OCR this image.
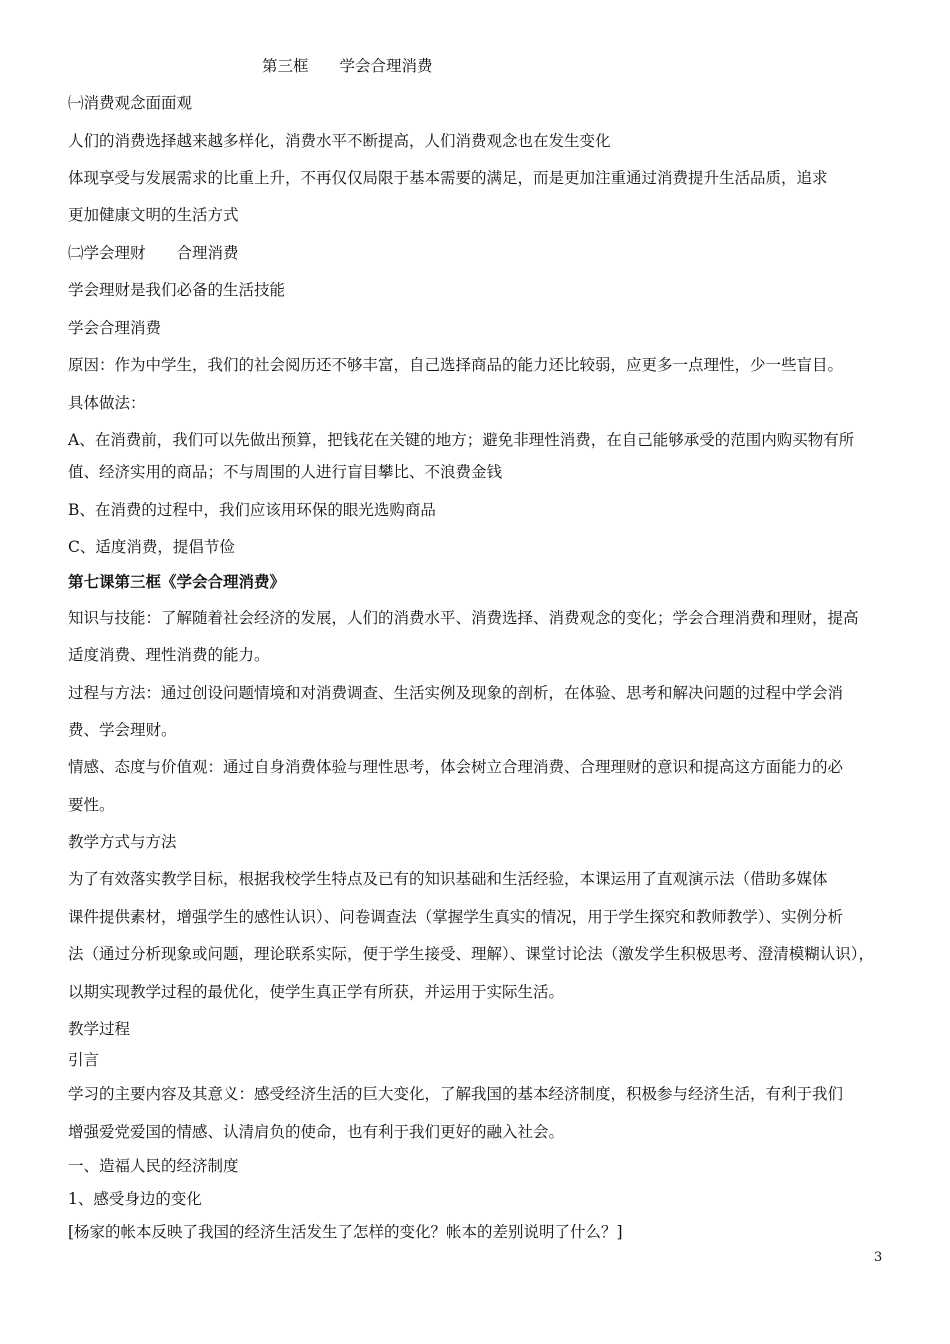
第三框　　学会合理消费
㈠消费观念面面观
人们的消费选择越来越多样化，消费水平不断提高，人们消费观念也在发生变化
体现享受与发展需求的比重上升，不再仅仅局限于基本需要的满足，而是更加注重通过消费提升生活品质，追求
更加健康文明的生活方式
㈡学会理财　　合理消费
学会理财是我们必备的生活技能
学会合理消费
原因：作为中学生，我们的社会阅历还不够丰富，自己选择商品的能力还比较弱，应更多一点理性，少一些盲目。
具体做法：
A、在消费前，我们可以先做出预算，把钱花在关键的地方；避免非理性消费，在自己能够承受的范围内购买物有所
值、经济实用的商品；不与周围的人进行盲目攀比、不浪费金钱
B、在消费的过程中，我们应该用环保的眼光选购商品
C、适度消费，提倡节俭
第七课第三框《学会合理消费》
知识与技能：了解随着社会经济的发展，人们的消费水平、消费选择、消费观念的变化；学会合理消费和理财，提高
适度消费、理性消费的能力。
过程与方法：通过创设问题情境和对消费调查、生活实例及现象的剖析，在体验、思考和解决问题的过程中学会消
费、学会理财。
情感、态度与价值观：通过自身消费体验与理性思考，体会树立合理消费、合理理财的意识和提高这方面能力的必
要性。
教学方式与方法
为了有效落实教学目标，根据我校学生特点及已有的知识基础和生活经验，本课运用了直观演示法（借助多媒体
课件提供素材，增强学生的感性认识）、问卷调查法（掌握学生真实的情况，用于学生探究和教师教学）、实例分析
法（通过分析现象或问题，理论联系实际，便于学生接受、理解）、课堂讨论法（激发学生积极思考、澄清模糊认识），
以期实现教学过程的最优化，使学生真正学有所获，并运用于实际生活。
教学过程
引言
学习的主要内容及其意义：感受经济生活的巨大变化，了解我国的基本经济制度，积极参与经济生活，有利于我们
增强爱党爱国的情感、认清肩负的使命，也有利于我们更好的融入社会。
一、造福人民的经济制度
1、感受身边的变化
[杨家的帐本反映了我国的经济生活发生了怎样的变化？帐本的差别说明了什么？]
3
